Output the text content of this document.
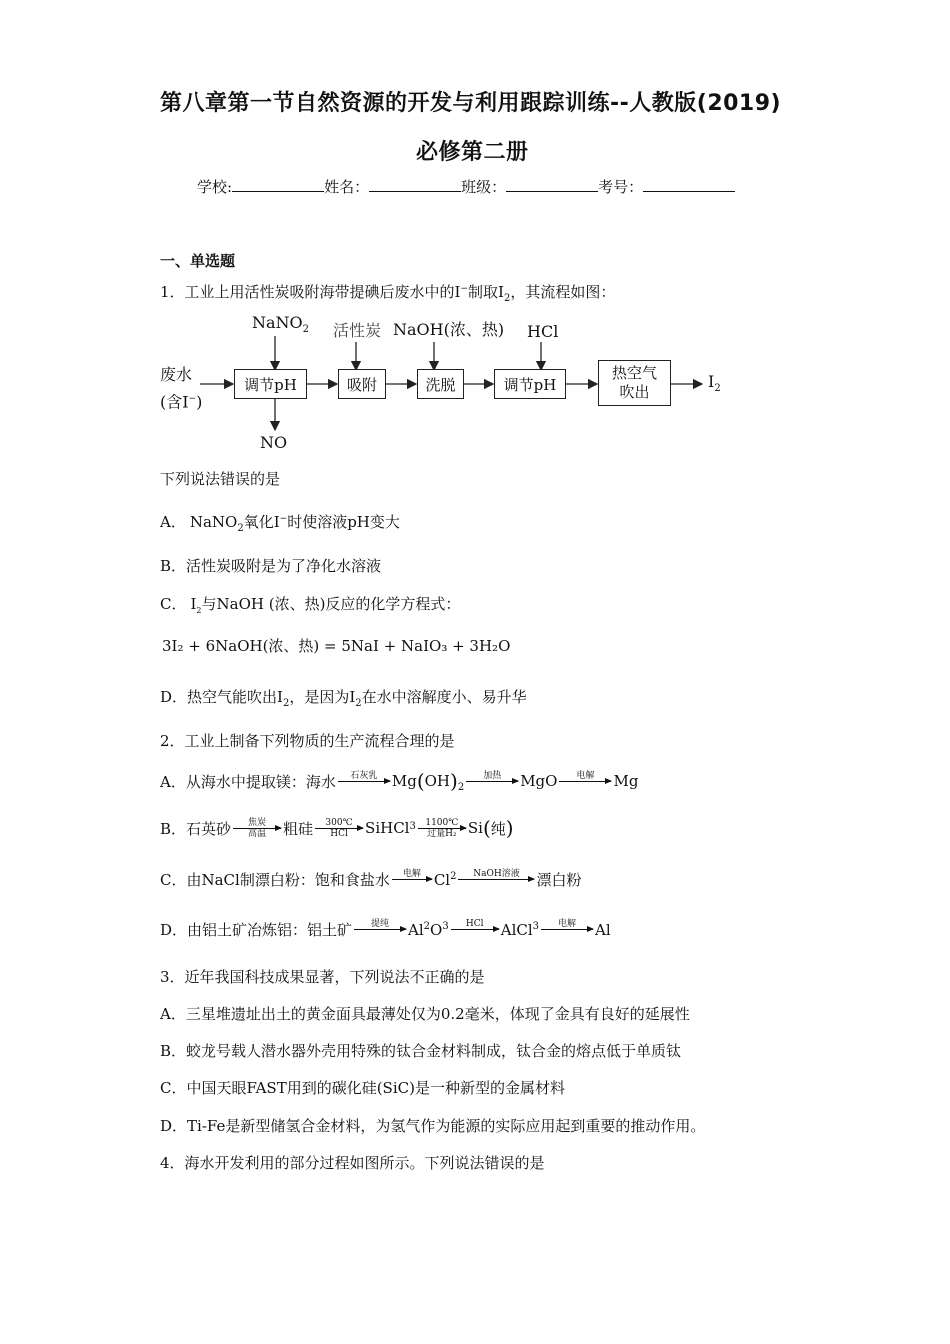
第八章第一节自然资源的开发与利用跟踪训练--人教版(2019)
必修第二册
学校:	姓名：	班级：	考号：
一、单选题
1．工业上用活性炭吸附海带提碘后废水中的I−制取$I_2$，其流程如图：
废水
(含I−)
调节pH	吸附	洗脱	调节pH
热空气
吹出
$I_2$
NaNO$_2$ 活性炭 NaOH(浓、热) HCl
NO
下列说法错误的是
A． NaNO$_2$氧化I−时使溶液pH变大
B．活性炭吸附是为了净化水溶液
C． $I_2$与NaOH (浓、热)反应的化学方程式：
3I₂ + 6NaOH(浓、热) = 5NaI + NaIO₃ + 3H₂O
D．热空气能吹出$I_2$，是因为$I_2$在水中溶解度小、易升华
2．工业上制备下列物质的生产流程合理的是
A．从海水中提取镁：海水 石灰乳 Mg ( OH )$_2$
加热 MgO 电解 Mg
B．石英砂 焦炭
高温 粗硅 300℃
HCl SiHCl 3 1100℃
过量H₂ Si ( 纯 )
C．由NaCl制漂白粉：饱和食盐水 电解 Cl$^2$ NaOH溶液 漂白粉
D．由铝土矿冶炼铝：铝土矿 提纯 Al$^2$ $O^3$ HCl AlCl$^3$ 电解 Al
3．近年我国科技成果显著，下列说法不正确的是
A．三星堆遗址出土的黄金面具最薄处仅为0.2毫米，体现了金具有良好的延展性
B．蛟龙号载人潜水器外壳用特殊的钛合金材料制成，钛合金的熔点低于单质钛
C．中国天眼FAST用到的碳化硅(SiC)是一种新型的金属材料
D．Ti-Fe是新型储氢合金材料，为氢气作为能源的实际应用起到重要的推动作用。
4．海水开发利用的部分过程如图所示。下列说法错误的是
